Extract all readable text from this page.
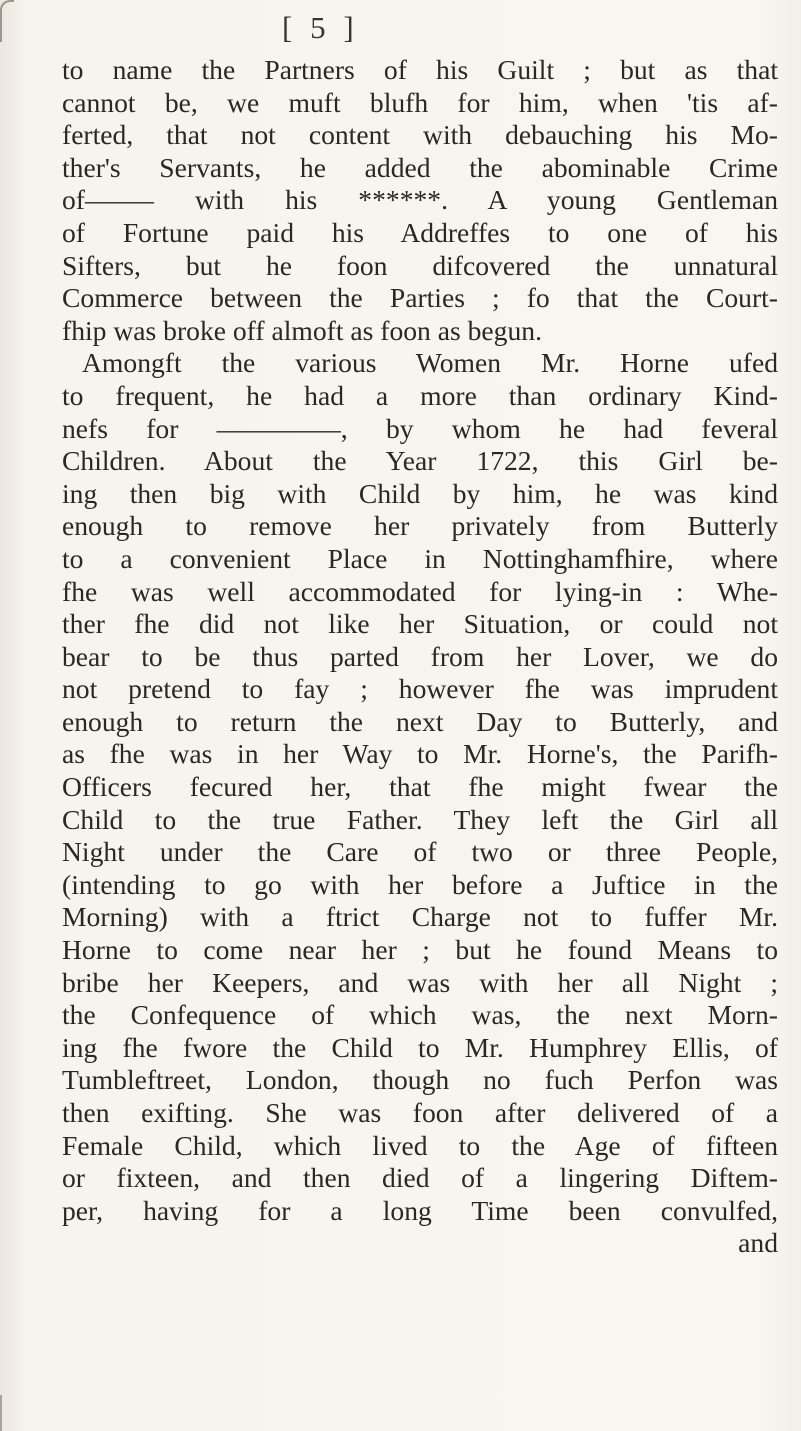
[ 5 ]
to name the Partners of his Guilt ; but as that
cannot be, we muft blufh for him, when 'tis af-
ferted, that not content with debauching his Mo-
ther's Servants, he added the abominable Crime
of—––– with his ******. A young Gentleman
of Fortune paid his Addreffes to one of his
Sifters, but he foon difcovered the unnatural
Commerce between the Parties ; fo that the Court-
fhip was broke off almoft as foon as begun.
Amongft the various Women Mr. Horne ufed
to frequent, he had a more than ordinary Kind-
nefs for –––––––––, by whom he had feveral
Children. About the Year 1722, this Girl be-
ing then big with Child by him, he was kind
enough to remove her privately from Butterly
to a convenient Place in Nottinghamfhire, where
fhe was well accommodated for lying-in : Whe-
ther fhe did not like her Situation, or could not
bear to be thus parted from her Lover, we do
not pretend to fay ; however fhe was imprudent
enough to return the next Day to Butterly, and
as fhe was in her Way to Mr. Horne's, the Parifh-
Officers fecured her, that fhe might fwear the
Child to the true Father. They left the Girl all
Night under the Care of two or three People,
(intending to go with her before a Juftice in the
Morning) with a ftrict Charge not to fuffer Mr.
Horne to come near her ; but he found Means to
bribe her Keepers, and was with her all Night ;
the Confequence of which was, the next Morn-
ing fhe fwore the Child to Mr. Humphrey Ellis, of
Tumbleftreet, London, though no fuch Perfon was
then exifting. She was foon after delivered of a
Female Child, which lived to the Age of fifteen
or fixteen, and then died of a lingering Diftem-
per, having for a long Time been convulfed,
and
